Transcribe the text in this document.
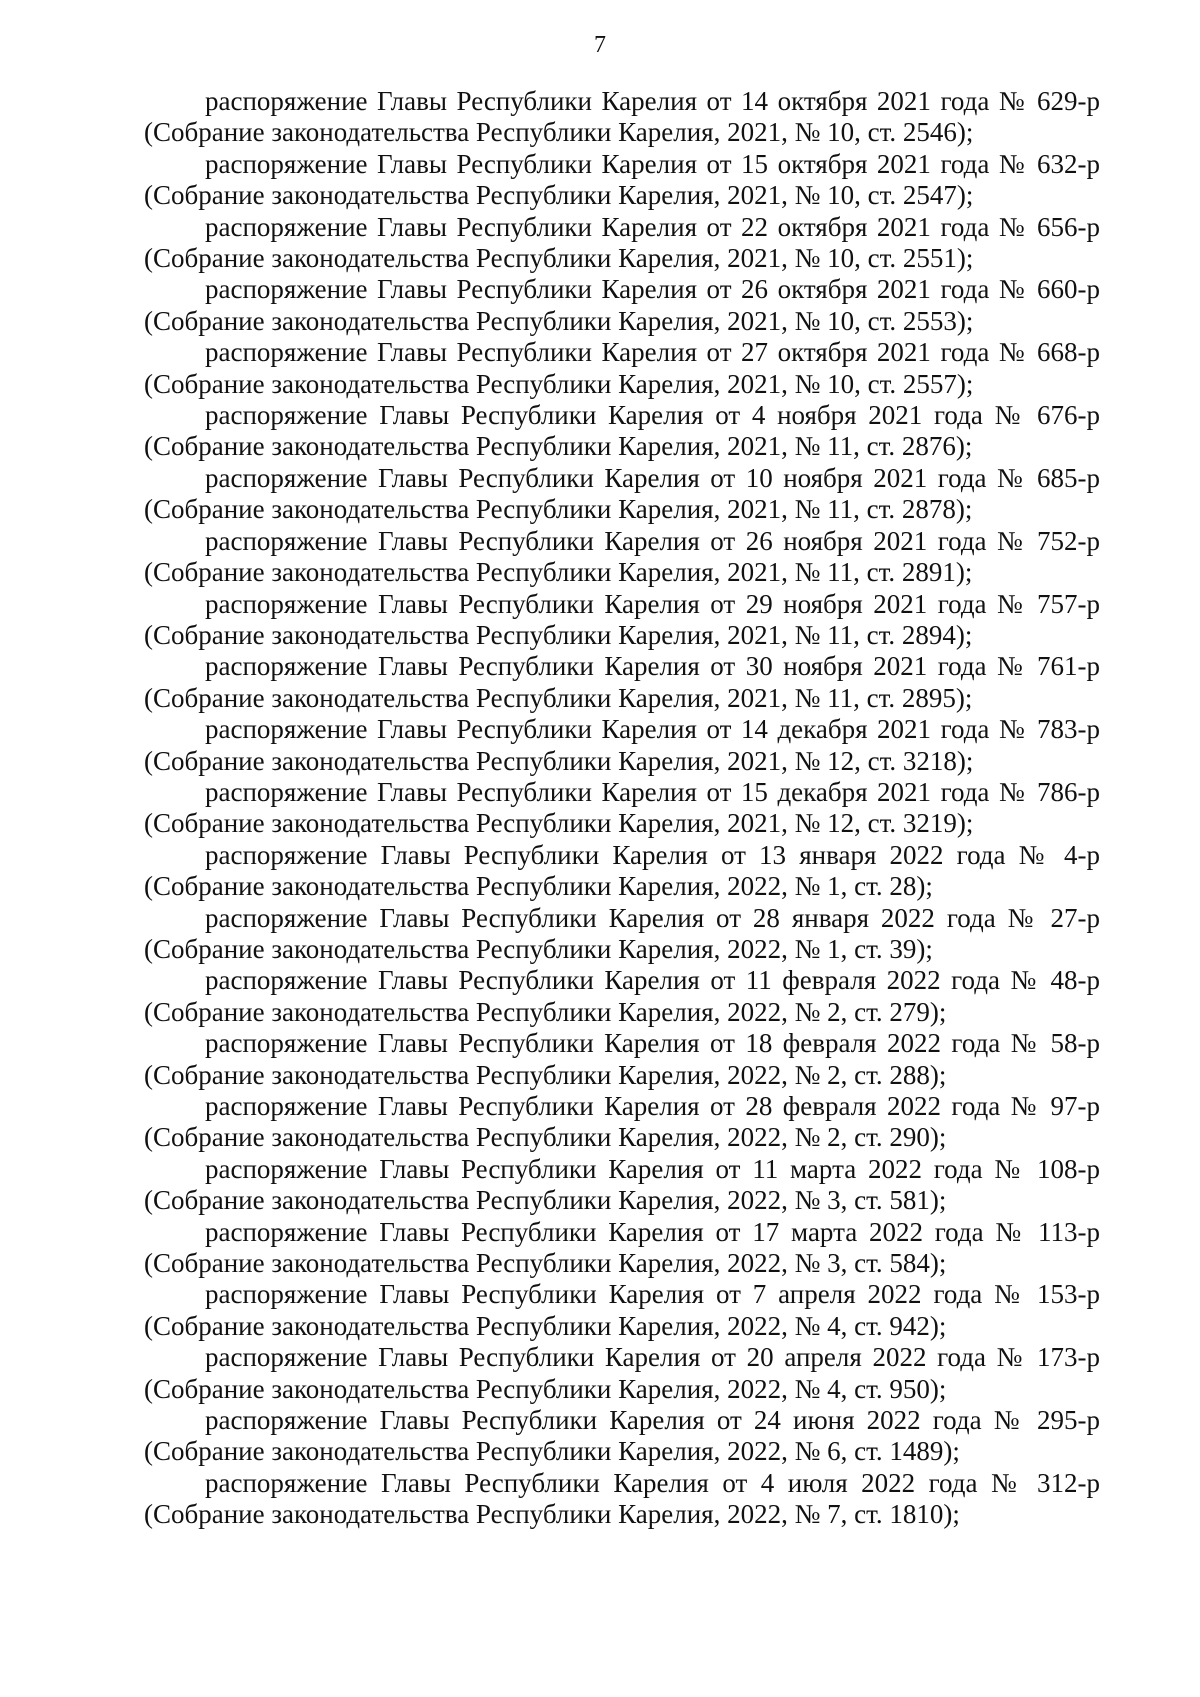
7

распоряжение Главы Республики Карелия от 14 октября 2021 года № 629-р (Собрание законодательства Республики Карелия, 2021, № 10, ст. 2546);

распоряжение Главы Республики Карелия от 15 октября 2021 года № 632-р (Собрание законодательства Республики Карелия, 2021, № 10, ст. 2547);

распоряжение Главы Республики Карелия от 22 октября 2021 года № 656-р (Собрание законодательства Республики Карелия, 2021, № 10, ст. 2551);

распоряжение Главы Республики Карелия от 26 октября 2021 года № 660-р (Собрание законодательства Республики Карелия, 2021, № 10, ст. 2553);

распоряжение Главы Республики Карелия от 27 октября 2021 года № 668-р (Собрание законодательства Республики Карелия, 2021, № 10, ст. 2557);

распоряжение Главы Республики Карелия от 4 ноября 2021 года № 676-р (Собрание законодательства Республики Карелия, 2021, № 11, ст. 2876);

распоряжение Главы Республики Карелия от 10 ноября 2021 года № 685-р (Собрание законодательства Республики Карелия, 2021, № 11, ст. 2878);

распоряжение Главы Республики Карелия от 26 ноября 2021 года № 752-р (Собрание законодательства Республики Карелия, 2021, № 11, ст. 2891);

распоряжение Главы Республики Карелия от 29 ноября 2021 года № 757-р (Собрание законодательства Республики Карелия, 2021, № 11, ст. 2894);

распоряжение Главы Республики Карелия от 30 ноября 2021 года № 761-р (Собрание законодательства Республики Карелия, 2021, № 11, ст. 2895);

распоряжение Главы Республики Карелия от 14 декабря 2021 года № 783-р (Собрание законодательства Республики Карелия, 2021, № 12, ст. 3218);

распоряжение Главы Республики Карелия от 15 декабря 2021 года № 786-р (Собрание законодательства Республики Карелия, 2021, № 12, ст. 3219);

распоряжение Главы Республики Карелия от 13 января 2022 года № 4-р (Собрание законодательства Республики Карелия, 2022, № 1, ст. 28);

распоряжение Главы Республики Карелия от 28 января 2022 года № 27-р (Собрание законодательства Республики Карелия, 2022, № 1, ст. 39);

распоряжение Главы Республики Карелия от 11 февраля 2022 года № 48-р (Собрание законодательства Республики Карелия, 2022, № 2, ст. 279);

распоряжение Главы Республики Карелия от 18 февраля 2022 года № 58-р (Собрание законодательства Республики Карелия, 2022, № 2, ст. 288);

распоряжение Главы Республики Карелия от 28 февраля 2022 года № 97-р (Собрание законодательства Республики Карелия, 2022, № 2, ст. 290);

распоряжение Главы Республики Карелия от 11 марта 2022 года № 108-р (Собрание законодательства Республики Карелия, 2022, № 3, ст. 581);

распоряжение Главы Республики Карелия от 17 марта 2022 года № 113-р (Собрание законодательства Республики Карелия, 2022, № 3, ст. 584);

распоряжение Главы Республики Карелия от 7 апреля 2022 года № 153-р (Собрание законодательства Республики Карелия, 2022, № 4, ст. 942);

распоряжение Главы Республики Карелия от 20 апреля 2022 года № 173-р (Собрание законодательства Республики Карелия, 2022, № 4, ст. 950);

распоряжение Главы Республики Карелия от 24 июня 2022 года № 295-р (Собрание законодательства Республики Карелия, 2022, № 6, ст. 1489);

распоряжение Главы Республики Карелия от 4 июля 2022 года № 312-р (Собрание законодательства Республики Карелия, 2022, № 7, ст. 1810);
